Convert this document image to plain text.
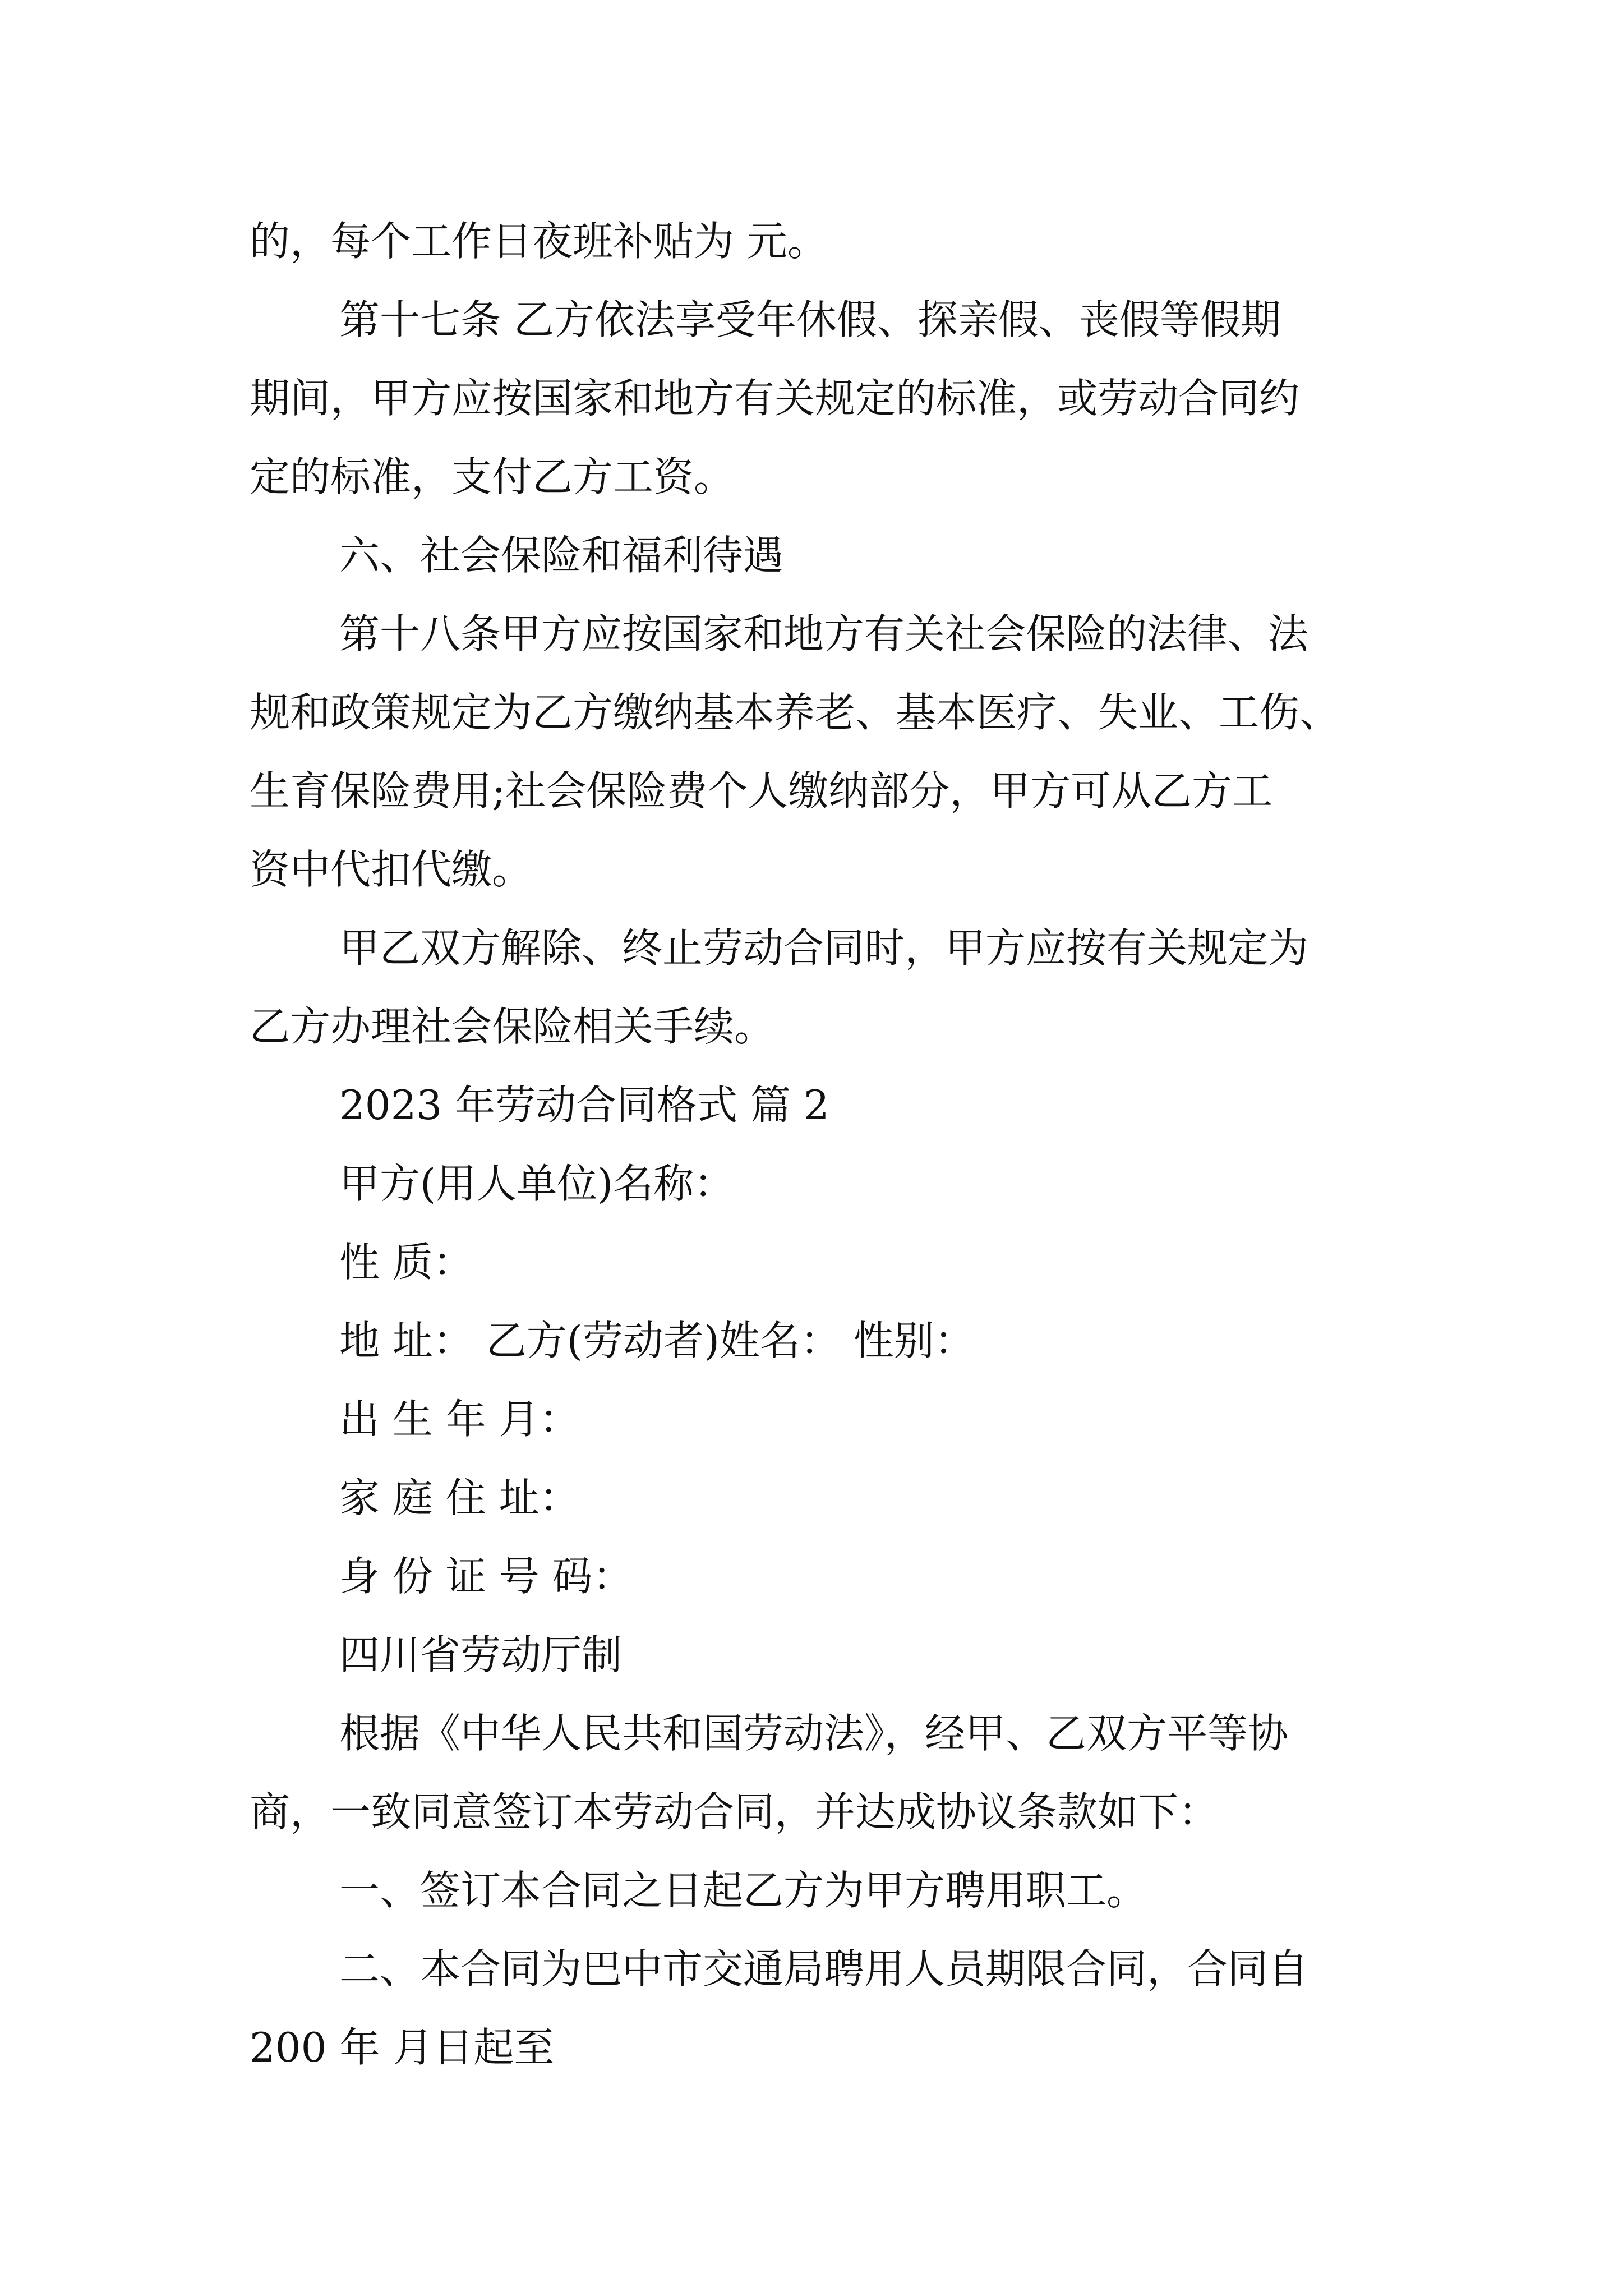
的，每个工作日夜班补贴为 元。
第十七条 乙方依法享受年休假、探亲假、丧假等假期
期间，甲方应按国家和地方有关规定的标准，或劳动合同约
定的标准，支付乙方工资。
六、社会保险和福利待遇
第十八条甲方应按国家和地方有关社会保险的法律、法
规和政策规定为乙方缴纳基本养老、基本医疗、失业、工伤、
生育保险费用;社会保险费个人缴纳部分，甲方可从乙方工
资中代扣代缴。
甲乙双方解除、终止劳动合同时，甲方应按有关规定为
乙方办理社会保险相关手续。
2023 年劳动合同格式 篇 2
甲方(用人单位)名称：
性 质：
地 址： 乙方(劳动者)姓名： 性别：
出 生 年 月：
家 庭 住 址：
身 份 证 号 码：
四川省劳动厅制
根据《中华人民共和国劳动法》，经甲、乙双方平等协
商，一致同意签订本劳动合同，并达成协议条款如下：
一、签订本合同之日起乙方为甲方聘用职工。
二、本合同为巴中市交通局聘用人员期限合同，合同自
200 年 月日起至
